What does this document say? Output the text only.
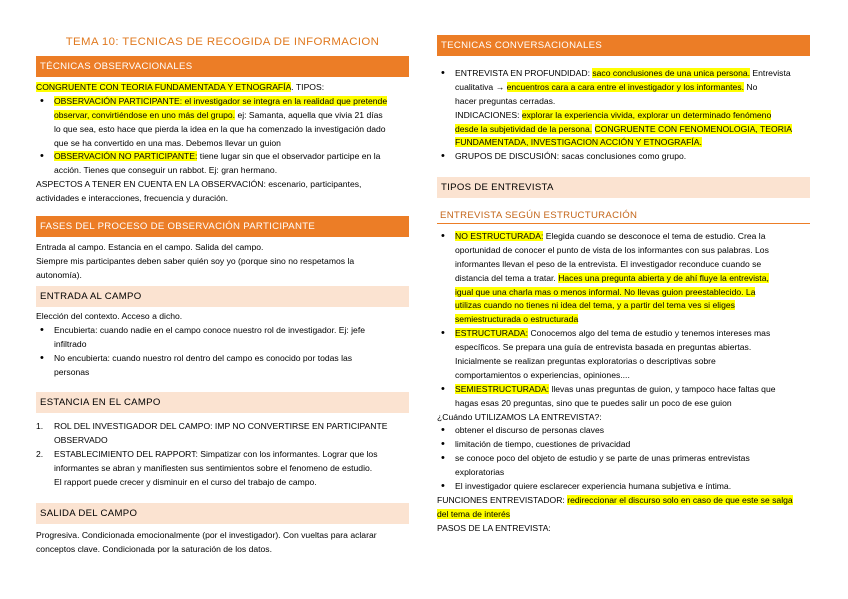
TEMA 10: TECNICAS DE RECOGIDA DE INFORMACION
TÉCNICAS OBSERVACIONALES
CONGRUENTE CON TEORIA FUNDAMENTADA Y ETNOGRAFÍA. TIPOS:
• OBSERVACIÓN PARTICIPANTE: el investigador se integra en la realidad que pretende
observar, convirtiéndose en uno más del grupo. ej: Samanta, aquella que vivia 21 días
lo que sea, esto hace que pierda la idea en la que ha comenzado la investigación dado
que se ha convertido en una mas. Debemos llevar un guion
• OBSERVACIÓN NO PARTICIPANTE: tiene lugar sin que el observador participe en la
acción. Tienes que conseguir un rabbot. Ej: gran hermano.
ASPECTOS A TENER EN CUENTA EN LA OBSERVACIÓN: escenario, participantes,
actividades e interacciones, frecuencia y duración.
FASES DEL PROCESO DE OBSERVACIÓN PARTICIPANTE
Entrada al campo. Estancia en el campo. Salida del campo.
Siempre mis participantes deben saber quién soy yo (porque sino no respetamos la
autonomía).
ENTRADA AL CAMPO
Elección del contexto. Acceso a dicho.
• Encubierta: cuando nadie en el campo conoce nuestro rol de investigador. Ej: jefe
infiltrado
• No encubierta: cuando nuestro rol dentro del campo es conocido por todas las
personas
ESTANCIA EN EL CAMPO
1. ROL DEL INVESTIGADOR DEL CAMPO: IMP NO CONVERTIRSE EN PARTICIPANTE
OBSERVADO
2. ESTABLECIMIENTO DEL RAPPORT: Simpatizar con los informantes. Lograr que los
informantes se abran y manifiesten sus sentimientos sobre el fenomeno de estudio.
El rapport puede crecer y disminuir en el curso del trabajo de campo.
SALIDA DEL CAMPO
Progresiva. Condicionada emocionalmente (por el investigador). Con vueltas para aclarar
conceptos clave. Condicionada por la saturación de los datos.
TECNICAS CONVERSACIONALES
• ENTREVISTA EN PROFUNDIDAD: saco conclusiones de una unica persona. Entrevista
cualitativa → encuentros cara a cara entre el investigador y los informantes. No
hacer preguntas cerradas.
INDICACIONES: explorar la experiencia vivida, explorar un determinado fenómeno
desde la subjetividad de la persona. CONGRUENTE CON FENOMENOLOGIA, TEORIA
FUNDAMENTADA, INVESTIGACION ACCIÓN Y ETNOGRAFÍA.
• GRUPOS DE DISCUSIÓN: sacas conclusiones como grupo.
TIPOS DE ENTREVISTA
ENTREVISTA SEGÚN ESTRUCTURACIÓN
• NO ESTRUCTURADA: Elegida cuando se desconoce el tema de estudio. Crea la
oportunidad de conocer el punto de vista de los informantes con sus palabras. Los
informantes llevan el peso de la entrevista. El investigador reconduce cuando se
distancia del tema a tratar. Haces una pregunta abierta y de ahí fluye la entrevista,
igual que una charla mas o menos informal. No llevas guion preestablecido. La
utilizas cuando no tienes ni idea del tema, y a partir del tema ves si eliges
semiestructurada o estructurada
• ESTRUCTURADA: Conocemos algo del tema de estudio y tenemos intereses mas
específicos. Se prepara una guía de entrevista basada en preguntas abiertas.
Inicialmente se realizan preguntas exploratorias o descriptivas sobre
comportamientos o experiencias, opiniones....
• SEMIESTRUCTURADA: llevas unas preguntas de guion, y tampoco hace faltas que
hagas esas 20 preguntas, sino que te puedes salir un poco de ese guion
¿Cuándo UTILIZAMOS LA ENTREVISTA?:
• obtener el discurso de personas claves
• limitación de tiempo, cuestiones de privacidad
• se conoce poco del objeto de estudio y se parte de unas primeras entrevistas
exploratorias
• El investigador quiere esclarecer experiencia humana subjetiva e íntima.
FUNCIONES ENTREVISTADOR: redireccionar el discurso solo en caso de que este se salga
del tema de interés
PASOS DE LA ENTREVISTA:
